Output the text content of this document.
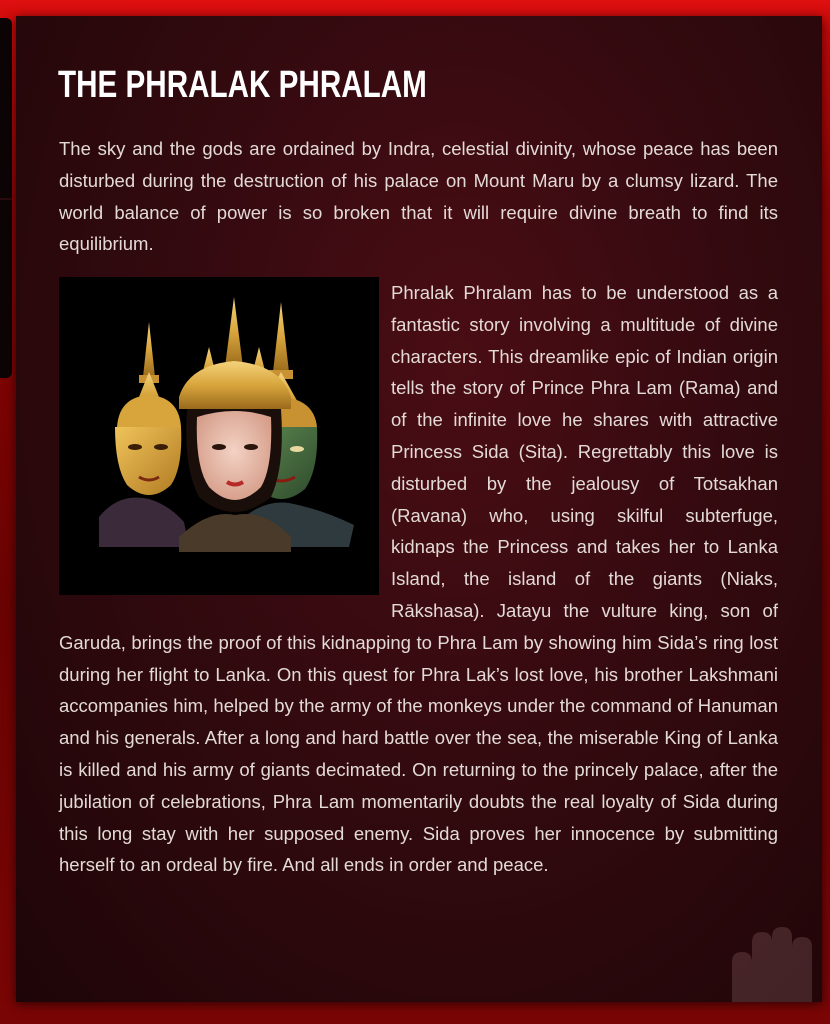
THE PHRALAK PHRALAM

The sky and the gods are ordained by Indra, celestial divinity, whose peace has been disturbed during the destruction of his palace on Mount Maru by a clumsy lizard. The world balance of power is so broken that it will require divine breath to find its equilibrium.

Phralak Phralam has to be understood as a fantastic story involving a multitude of divine characters. This dreamlike epic of Indian origin tells the story of Prince Phra Lam (Rama) and of the infinite love he shares with attractive Princess Sida (Sita). Regrettably this love is disturbed by the jealousy of Totsakhan (Ravana) who, using skilful subterfuge, kidnaps the Princess and takes her to Lanka Island, the island of the giants (Niaks, Rākshasa). Jatayu the vulture king, son of Garuda, brings the proof of this kidnapping to Phra Lam by showing him Sida’s ring lost during her flight to Lanka. On this quest for Phra Lak’s lost love, his brother Lakshmani accompanies him, helped by the army of the monkeys under the command of Hanuman and his generals. After a long and hard battle over the sea, the miserable King of Lanka is killed and his army of giants decimated. On returning to the princely palace, after the jubilation of celebrations, Phra Lam momentarily doubts the real loyalty of Sida during this long stay with her supposed enemy. Sida proves her innocence by submitting herself to an ordeal by fire. And all ends in order and peace.
